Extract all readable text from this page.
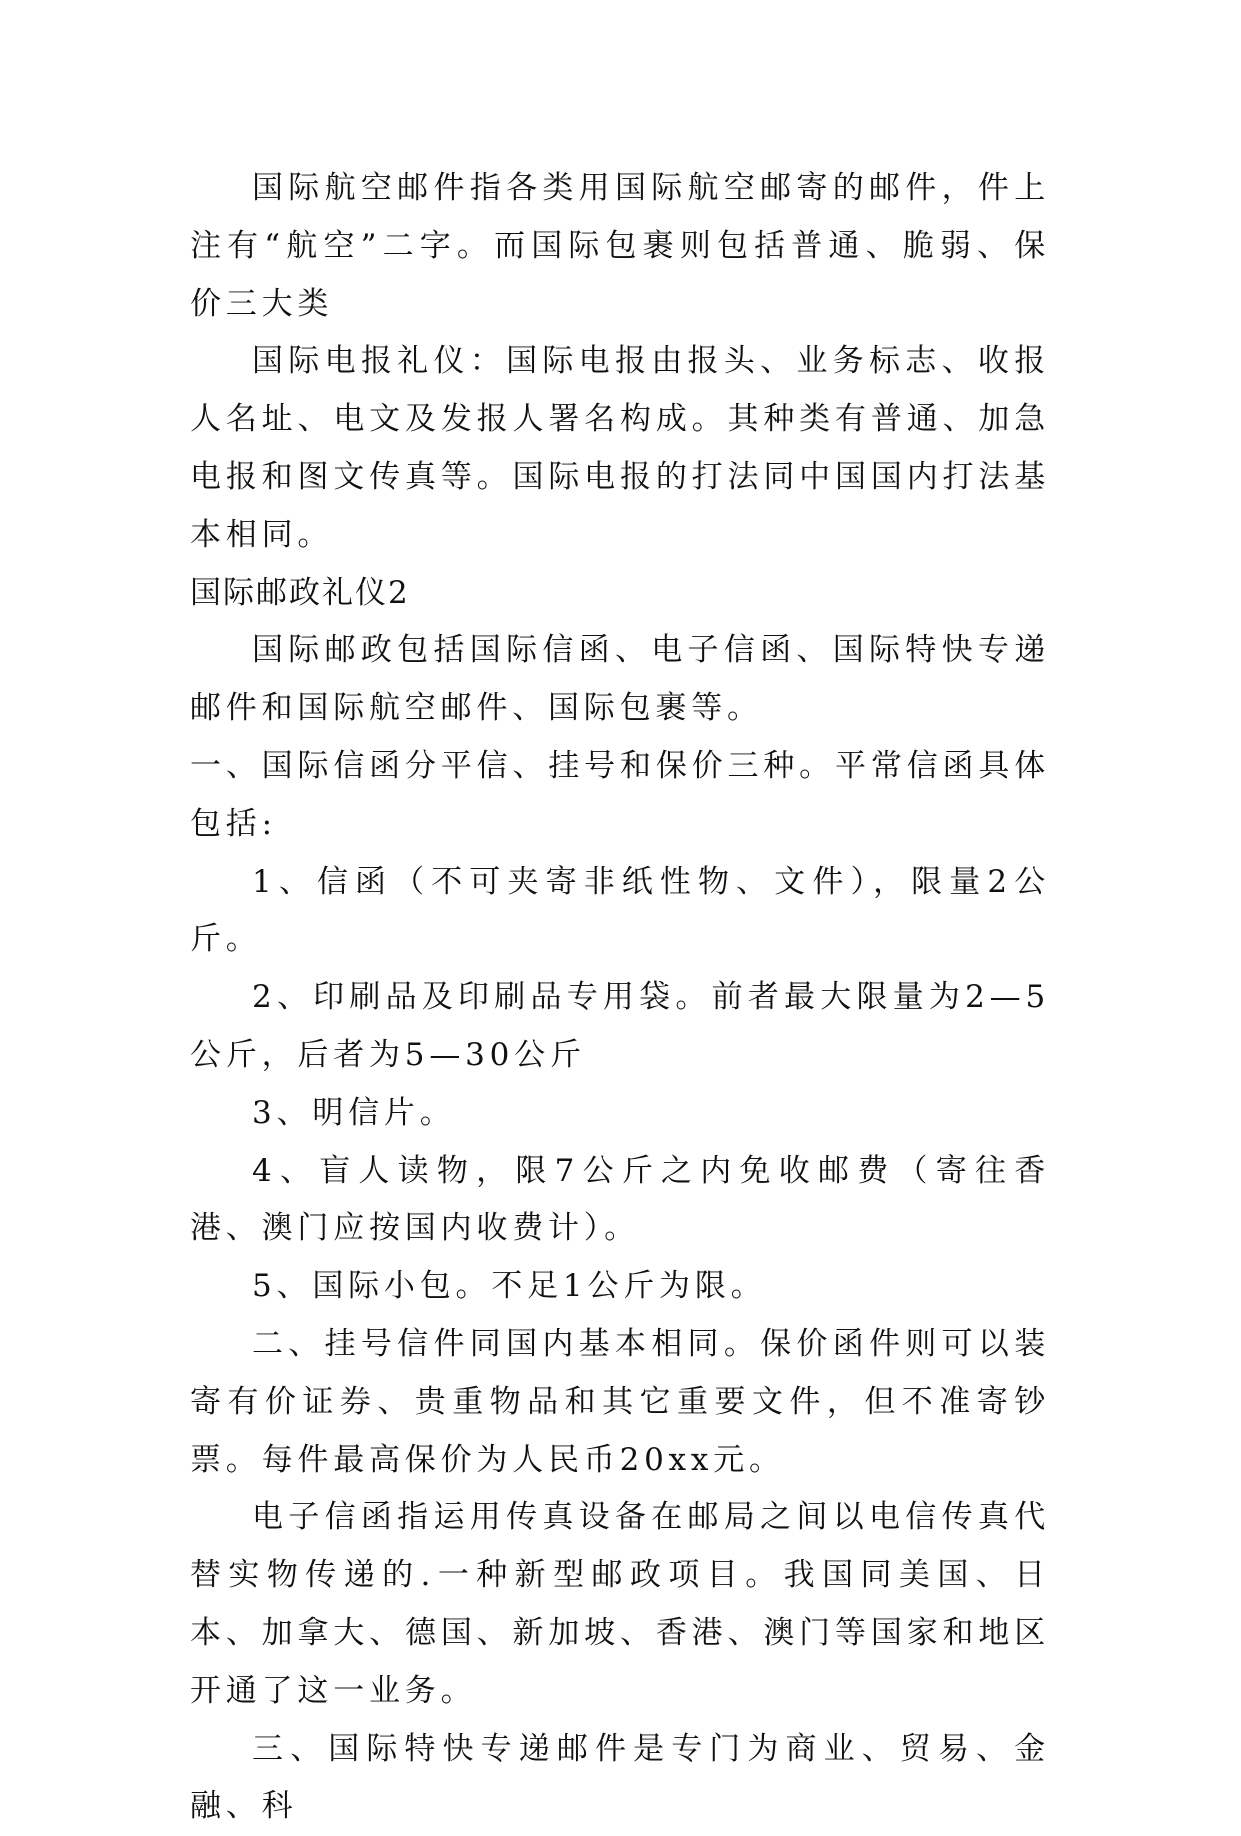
国际航空邮件指各类用国际航空邮寄的邮件，件上注有“航空”二字。而国际包裹则包括普通、脆弱、保价三大类

国际电报礼仪：国际电报由报头、业务标志、收报人名址、电文及发报人署名构成。其种类有普通、加急电报和图文传真等。国际电报的打法同中国国内打法基本相同。

国际邮政礼仪2

国际邮政包括国际信函、电子信函、国际特快专递邮件和国际航空邮件、国际包裹等。

一、国际信函分平信、挂号和保价三种。平常信函具体包括:

1、信函（不可夹寄非纸性物、文件），限量2公斤。

2、印刷品及印刷品专用袋。前者最大限量为2—5公斤，后者为5—30公斤

3、明信片。

4、盲人读物，限7公斤之内免收邮费（寄往香港、澳门应按国内收费计）。

5、国际小包。不足1公斤为限。

二、挂号信件同国内基本相同。保价函件则可以装寄有价证券、贵重物品和其它重要文件，但不准寄钞票。每件最高保价为人民币20xx元。

电子信函指运用传真设备在邮局之间以电信传真代替实物传递的.一种新型邮政项目。我国同美国、日本、加拿大、德国、新加坡、香港、澳门等国家和地区开通了这一业务。

三、国际特快专递邮件是专门为商业、贸易、金融、科
